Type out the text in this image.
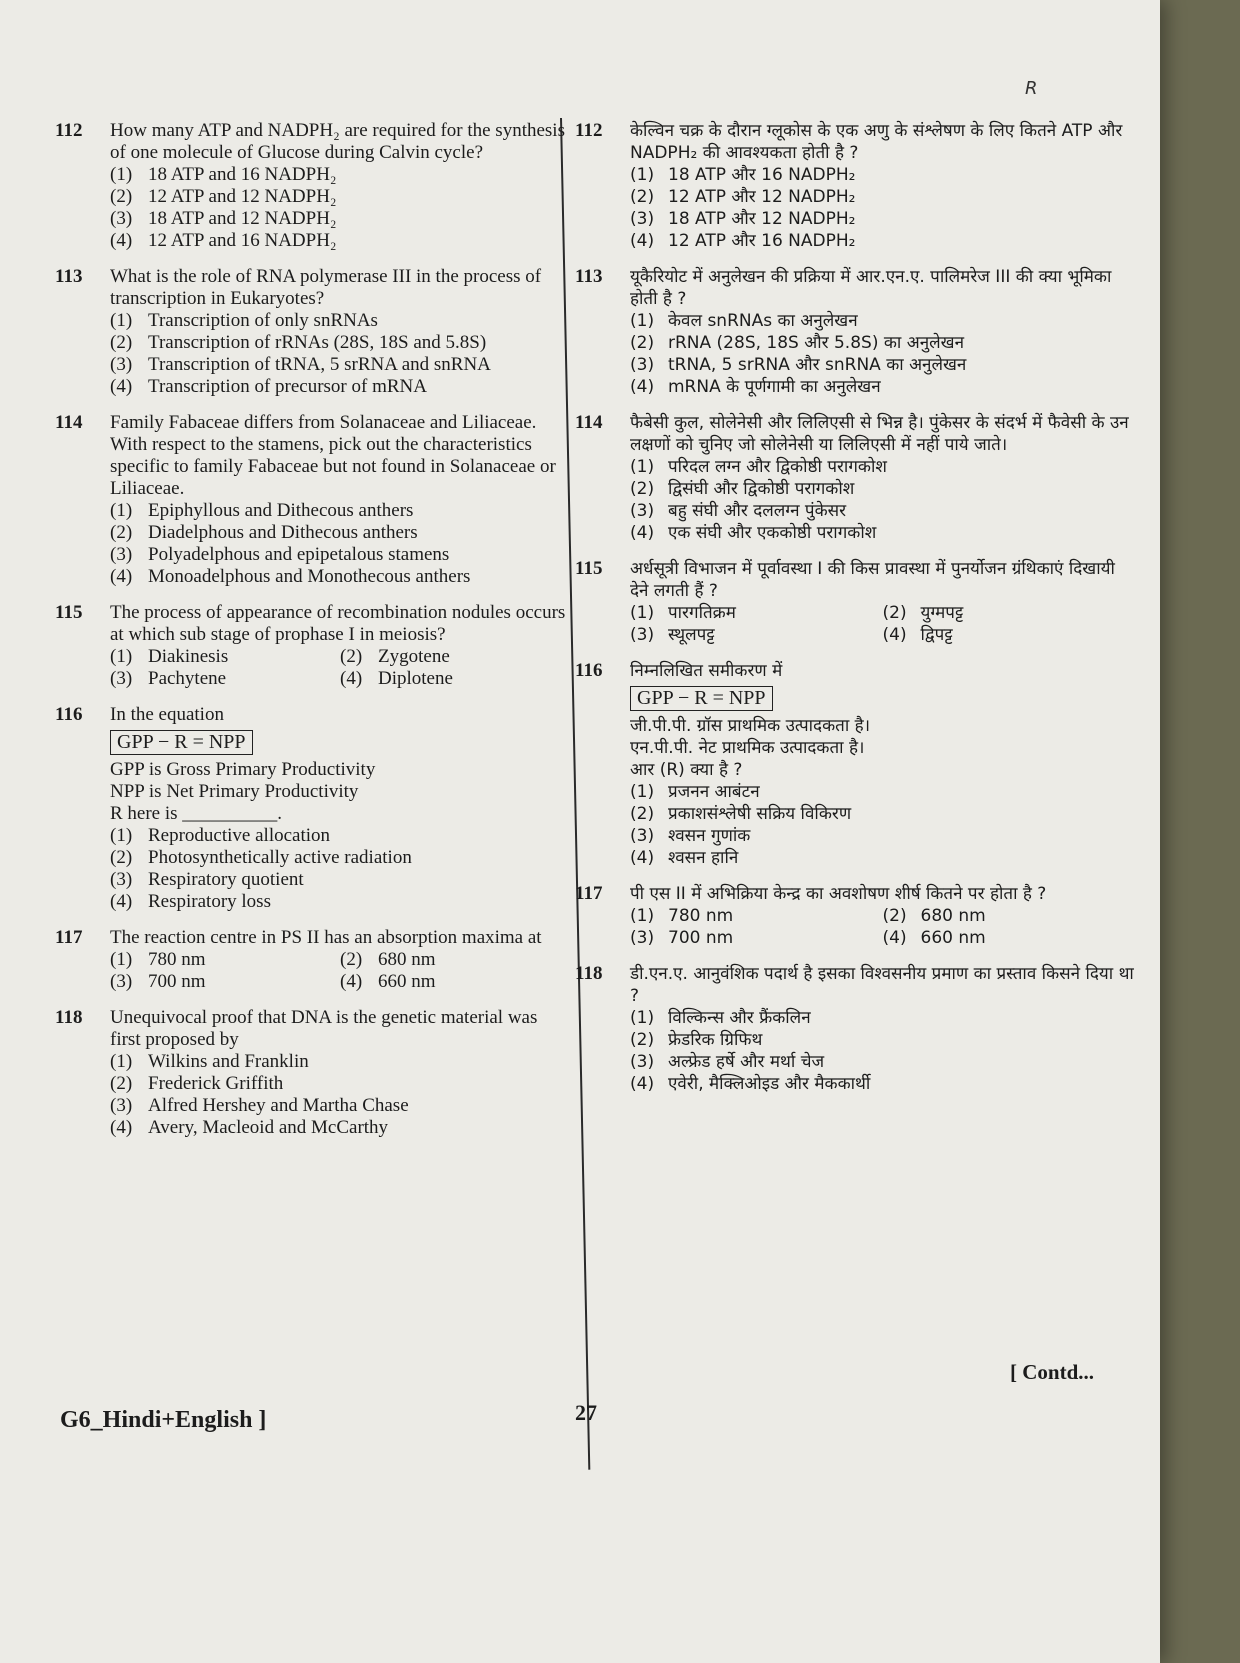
112	How many ATP and NADPH₂ are required for the synthesis of one molecule of Glucose during Calvin cycle?
(1) 18 ATP and 16 NADPH₂
(2) 12 ATP and 12 NADPH₂
(3) 18 ATP and 12 NADPH₂
(4) 12 ATP and 16 NADPH₂
113	What is the role of RNA polymerase III in the process of transcription in Eukaryotes?
(1) Transcription of only snRNAs
(2) Transcription of rRNAs (28S, 18S and 5.8S)
(3) Transcription of tRNA, 5 srRNA and snRNA
(4) Transcription of precursor of mRNA
114	Family Fabaceae differs from Solanaceae and Liliaceae. With respect to the stamens, pick out the characteristics specific to family Fabaceae but not found in Solanaceae or Liliaceae.
(1) Epiphyllous and Dithecous anthers
(2) Diadelphous and Dithecous anthers
(3) Polyadelphous and epipetalous stamens
(4) Monoadelphous and Monothecous anthers
115	The process of appearance of recombination nodules occurs at which sub stage of prophase I in meiosis?
(1) Diakinesis	(2) Zygotene
(3) Pachytene	(4) Diplotene
116	In the equation
GPP − R = NPP
GPP is Gross Primary Productivity
NPP is Net Primary Productivity
R here is __________.
(1) Reproductive allocation
(2) Photosynthetically active radiation
(3) Respiratory quotient
(4) Respiratory loss
117	The reaction centre in PS II has an absorption maxima at
(1) 780 nm	(2) 680 nm
(3) 700 nm	(4) 660 nm
118	Unequivocal proof that DNA is the genetic material was first proposed by
(1) Wilkins and Franklin
(2) Frederick Griffith
(3) Alfred Hershey and Martha Chase
(4) Avery, Macleoid and McCarthy
112	केल्विन चक्र के दौरान ग्लूकोस के एक अणु के संश्लेषण के लिए कितने ATP और NADPH₂ की आवश्यकता होती है ?
(1) 18 ATP और 16 NADPH₂
(2) 12 ATP और 12 NADPH₂
(3) 18 ATP और 12 NADPH₂
(4) 12 ATP और 16 NADPH₂
113	यूकैरियोट में अनुलेखन की प्रक्रिया में आर.एन.ए. पालिमरेज III की क्या भूमिका होती है ?
(1) केवल snRNAs का अनुलेखन
(2) rRNA (28S, 18S और 5.8S) का अनुलेखन
(3) tRNA, 5 srRNA और snRNA का अनुलेखन
(4) mRNA के पूर्णगामी का अनुलेखन
114	फैबेसी कुल, सोलेनेसी और लिलिएसी से भिन्न है। पुंकेसर के संदर्भ में फैवेसी के उन लक्षणों को चुनिए जो सोलेनेसी या लिलिएसी में नहीं पाये जाते।
(1) परिदल लग्न और द्विकोष्ठी परागकोश
(2) द्विसंघी और द्विकोष्ठी परागकोश
(3) बहु संघी और दललग्न पुंकेसर
(4) एक संघी और एककोष्ठी परागकोश
115	अर्धसूत्री विभाजन में पूर्वावस्था I की किस प्रावस्था में पुनर्योजन ग्रंथिकाएं दिखायी देने लगती हैं ?
(1) पारगतिक्रम	(2) युग्मपट्ट
(3) स्थूलपट्ट	(4) द्विपट्ट
116	निम्नलिखित समीकरण में
GPP − R = NPP
जी.पी.पी. ग्रॉस प्राथमिक उत्पादकता है।
एन.पी.पी. नेट प्राथमिक उत्पादकता है।
आर (R) क्या है ?
(1) प्रजनन आबंटन
(2) प्रकाशसंश्लेषी सक्रिय विकिरण
(3) श्वसन गुणांक
(4) श्वसन हानि
117	पी एस II में अभिक्रिया केन्द्र का अवशोषण शीर्ष कितने पर होता है ?
(1) 780 nm	(2) 680 nm
(3) 700 nm	(4) 660 nm
118	डी.एन.ए. आनुवंशिक पदार्थ है इसका विश्वसनीय प्रमाण का प्रस्ताव किसने दिया था ?
(1) विल्किन्स और फ्रैंकलिन
(2) फ्रेडरिक ग्रिफिथ
(3) अल्फ्रेड हर्षे और मर्था चेज
(4) एवेरी, मैक्लिओइड और मैककार्थी
R
[ Contd...
G6_Hindi+English ]	27
